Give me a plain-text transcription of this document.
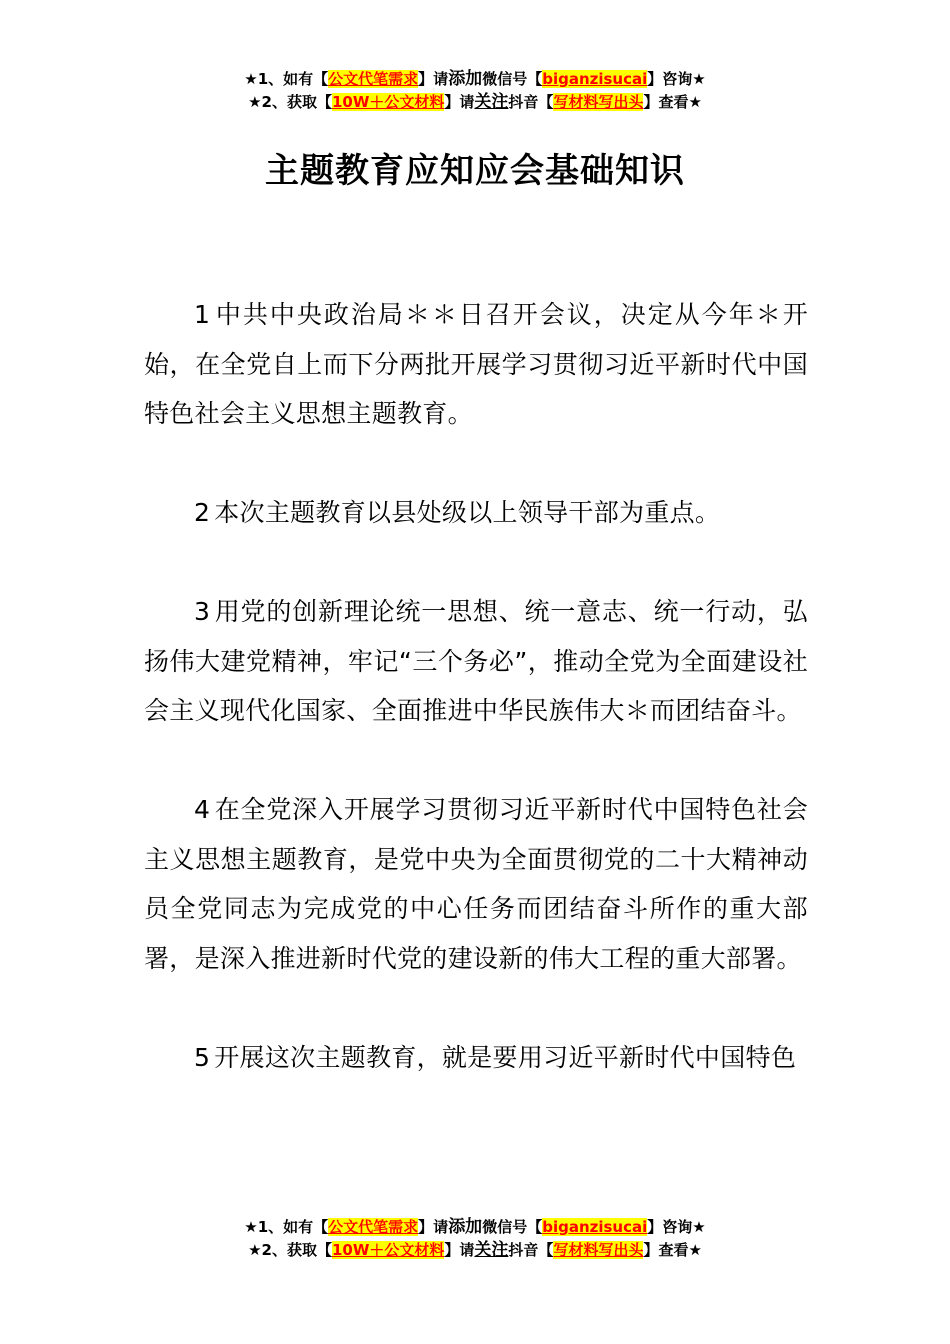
★1、如有【公文代笔需求】请添加微信号【biganzisucai】咨询★
★2、获取【10W＋公文材料】请关注抖音【写材料写出头】查看★
主题教育应知应会基础知识

1 中共中央政治局＊＊日召开会议，决定从今年＊开始，在全党自上而下分两批开展学习贯彻习近平新时代中国特色社会主义思想主题教育。

2 本次主题教育以县处级以上领导干部为重点。

3 用党的创新理论统一思想、统一意志、统一行动，弘扬伟大建党精神，牢记“三个务必”，推动全党为全面建设社会主义现代化国家、全面推进中华民族伟大＊而团结奋斗。

4 在全党深入开展学习贯彻习近平新时代中国特色社会主义思想主题教育，是党中央为全面贯彻党的二十大精神动员全党同志为完成党的中心任务而团结奋斗所作的重大部署，是深入推进新时代党的建设新的伟大工程的重大部署。

5 开展这次主题教育，就是要用习近平新时代中国特色

★1、如有【公文代笔需求】请添加微信号【biganzisucai】咨询★
★2、获取【10W＋公文材料】请关注抖音【写材料写出头】查看★
